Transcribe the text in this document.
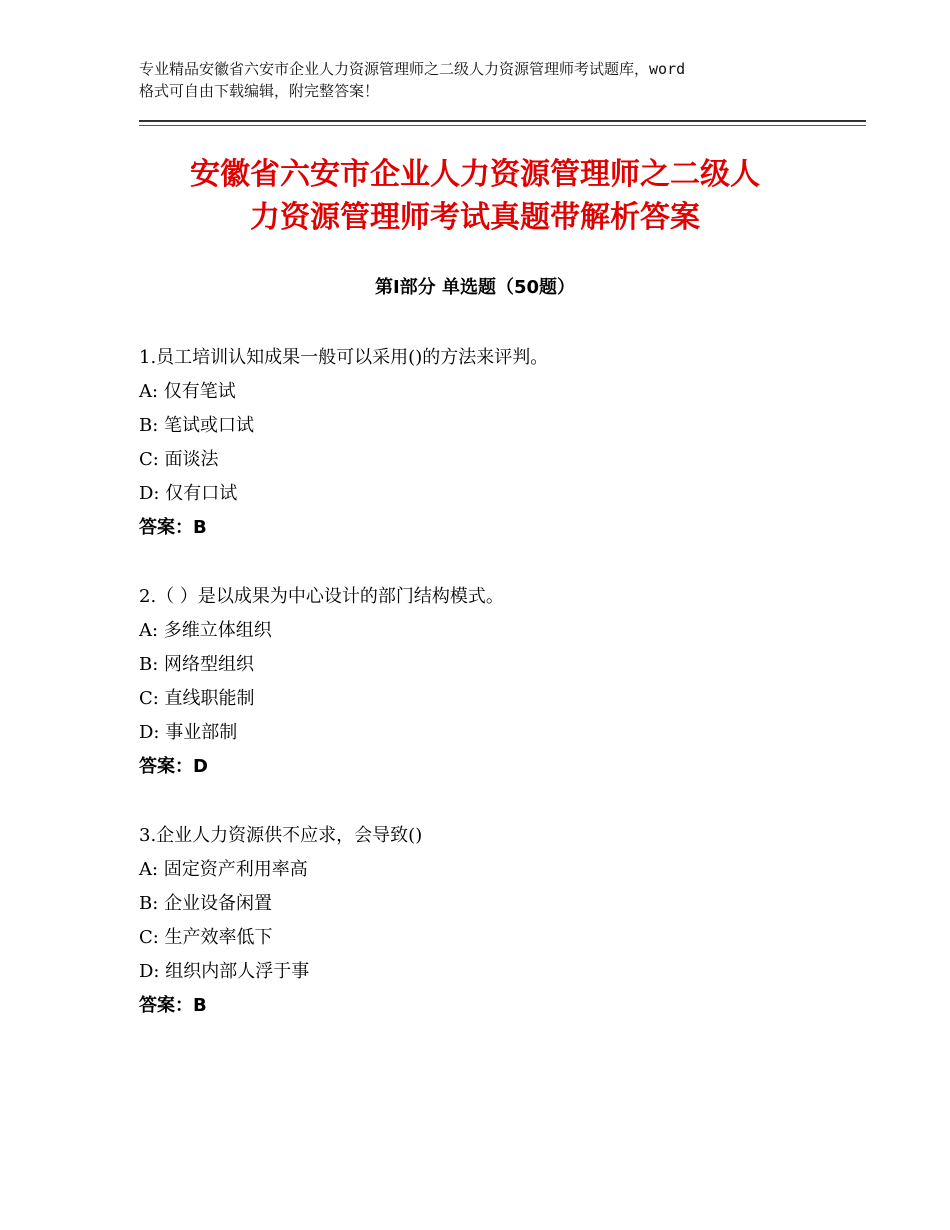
专业精品安徽省六安市企业人力资源管理师之二级人力资源管理师考试题库，word
格式可自由下载编辑，附完整答案！
安徽省六安市企业人力资源管理师之二级人
力资源管理师考试真题带解析答案
第Ⅰ部分 单选题（50题）
1.员工培训认知成果一般可以采用()的方法来评判。
A: 仅有笔试
B: 笔试或口试
C: 面谈法
D: 仅有口试
答案：B
2.（ ）是以成果为中心设计的部门结构模式。
A: 多维立体组织
B: 网络型组织
C: 直线职能制
D: 事业部制
答案：D
3.企业人力资源供不应求，会导致()
A: 固定资产利用率高
B: 企业设备闲置
C: 生产效率低下
D: 组织内部人浮于事
答案：B
